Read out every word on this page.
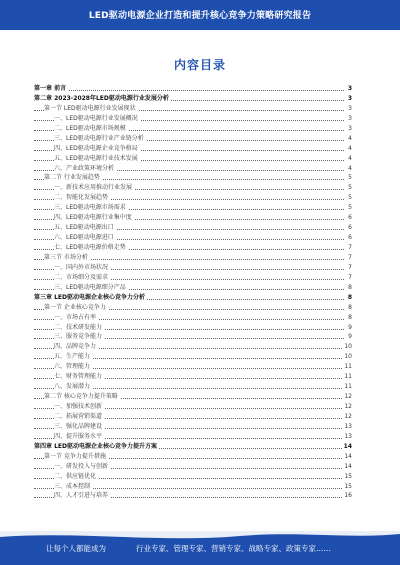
LED驱动电源企业打造和提升核心竞争力策略研究报告
内容目录
第一章 前言	3
第二章 2023-2028年LED驱动电源行业发展分析	3
第一节 LED驱动电源行业发展现状	3
一、LED驱动电源行业发展概况	3
二、LED驱动电源市场规模	3
三、LED驱动电源行业产业链分析	4
四、LED驱动电源企业竞争格局	4
五、LED驱动电源行业技术发展	4
六、产业政策环境分析	4
第二节 行业发展趋势	5
一、新技术应用推动行业发展	5
二、智能化发展趋势	5
三、LED驱动电源市场需求	5
四、LED驱动电源行业集中度	6
五、LED驱动电源出口	6
六、LED驱动电源进口	6
七、LED驱动电源价格走势	7
第三节 市场分析	7
一、国内外市场状况	7
二、市场细分及需求	7
三、LED驱动电源细分产品	8
第三章 LED驱动电源企业核心竞争力分析	8
第一节 企业核心竞争力	8
一、市场占有率	8
二、技术研发能力	9
三、服务竞争能力	9
四、品牌竞争力	10
五、生产能力	10
六、管理能力	11
七、财务管理能力	11
八、发展潜力	11
第二节 核心竞争力提升策略	12
一、加强技术创新	12
二、拓展营销渠道	12
三、强化品牌建设	13
四、提升服务水平	13
第四章 LED驱动电源企业核心竞争力提升方案	14
第一节 竞争力提升措施	14
一、研发投入与创新	14
二、供应链优化	15
三、成本控制	15
四、人才引进与培养	16
让每个人都能成为	行业专家、管理专家、营销专家、战略专家、政策专家……
